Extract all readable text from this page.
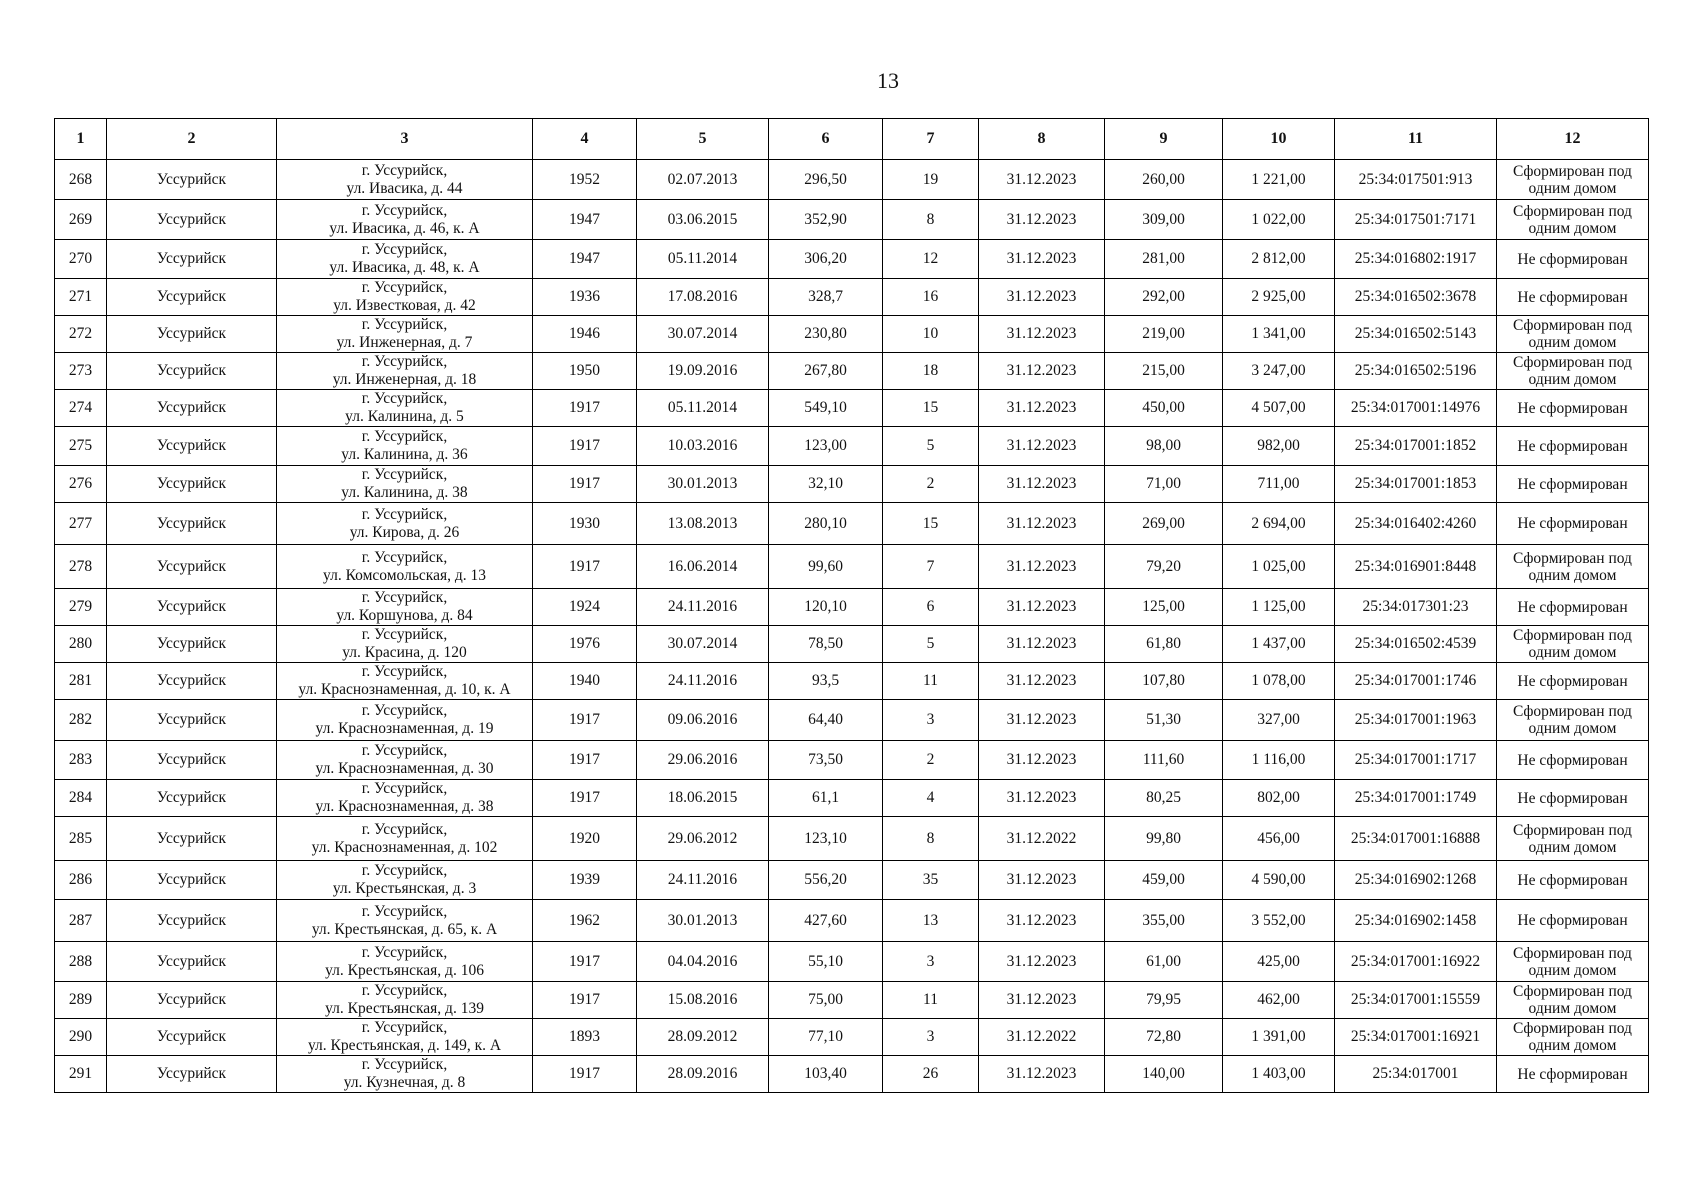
13
1	2	3	4	5	6	7	8	9	10	11	12
268	Уссурийск	г. Уссурийск,
ул. Ивасика, д. 44	1952	02.07.2013	296,50	19	31.12.2023	260,00	1 221,00	25:34:017501:913	Сформирован под
одним домом

269	Уссурийск	г. Уссурийск,
ул. Ивасика, д. 46, к. А	1947	03.06.2015	352,90	8	31.12.2023	309,00	1 022,00	25:34:017501:7171	Сформирован под
одним домом

270	Уссурийск	г. Уссурийск,
ул. Ивасика, д. 48, к. А	1947	05.11.2014	306,20	12	31.12.2023	281,00	2 812,00	25:34:016802:1917	Не сформирован

271	Уссурийск	г. Уссурийск,
ул. Известковая, д. 42	1936	17.08.2016	328,7	16	31.12.2023	292,00	2 925,00	25:34:016502:3678	Не сформирован

272	Уссурийск	г. Уссурийск,
ул. Инженерная, д. 7	1946	30.07.2014	230,80	10	31.12.2023	219,00	1 341,00	25:34:016502:5143	Сформирован под
одним домом

273	Уссурийск	г. Уссурийск,
ул. Инженерная, д. 18	1950	19.09.2016	267,80	18	31.12.2023	215,00	3 247,00	25:34:016502:5196	Сформирован под
одним домом

274	Уссурийск	г. Уссурийск,
ул. Калинина, д. 5	1917	05.11.2014	549,10	15	31.12.2023	450,00	4 507,00	25:34:017001:14976	Не сформирован

275	Уссурийск	г. Уссурийск,
ул. Калинина, д. 36	1917	10.03.2016	123,00	5	31.12.2023	98,00	982,00	25:34:017001:1852	Не сформирован

276	Уссурийск	г. Уссурийск,
ул. Калинина, д. 38	1917	30.01.2013	32,10	2	31.12.2023	71,00	711,00	25:34:017001:1853	Не сформирован

277	Уссурийск	г. Уссурийск,
ул. Кирова, д. 26	1930	13.08.2013	280,10	15	31.12.2023	269,00	2 694,00	25:34:016402:4260	Не сформирован

278	Уссурийск	г. Уссурийск,
ул. Комсомольская, д. 13	1917	16.06.2014	99,60	7	31.12.2023	79,20	1 025,00	25:34:016901:8448	Сформирован под
одним домом

279	Уссурийск	г. Уссурийск,
ул. Коршунова, д. 84	1924	24.11.2016	120,10	6	31.12.2023	125,00	1 125,00	25:34:017301:23	Не сформирован

280	Уссурийск	г. Уссурийск,
ул. Красина, д. 120	1976	30.07.2014	78,50	5	31.12.2023	61,80	1 437,00	25:34:016502:4539	Сформирован под
одним домом

281	Уссурийск	г. Уссурийск,
ул. Краснознаменная, д. 10, к. А	1940	24.11.2016	93,5	11	31.12.2023	107,80	1 078,00	25:34:017001:1746	Не сформирован

282	Уссурийск	г. Уссурийск,
ул. Краснознаменная, д. 19	1917	09.06.2016	64,40	3	31.12.2023	51,30	327,00	25:34:017001:1963	Сформирован под
одним домом

283	Уссурийск	г. Уссурийск,
ул. Краснознаменная, д. 30	1917	29.06.2016	73,50	2	31.12.2023	111,60	1 116,00	25:34:017001:1717	Не сформирован

284	Уссурийск	г. Уссурийск,
ул. Краснознаменная, д. 38	1917	18.06.2015	61,1	4	31.12.2023	80,25	802,00	25:34:017001:1749	Не сформирован

285	Уссурийск	г. Уссурийск,
ул. Краснознаменная, д. 102	1920	29.06.2012	123,10	8	31.12.2022	99,80	456,00	25:34:017001:16888	Сформирован под
одним домом

286	Уссурийск	г. Уссурийск,
ул. Крестьянская, д. 3	1939	24.11.2016	556,20	35	31.12.2023	459,00	4 590,00	25:34:016902:1268	Не сформирован

287	Уссурийск	г. Уссурийск,
ул. Крестьянская, д. 65, к. А	1962	30.01.2013	427,60	13	31.12.2023	355,00	3 552,00	25:34:016902:1458	Не сформирован

288	Уссурийск	г. Уссурийск,
ул. Крестьянская, д. 106	1917	04.04.2016	55,10	3	31.12.2023	61,00	425,00	25:34:017001:16922	Сформирован под
одним домом

289	Уссурийск	г. Уссурийск,
ул. Крестьянская, д. 139	1917	15.08.2016	75,00	11	31.12.2023	79,95	462,00	25:34:017001:15559	Сформирован под
одним домом

290	Уссурийск	г. Уссурийск,
ул. Крестьянская, д. 149, к. А	1893	28.09.2012	77,10	3	31.12.2022	72,80	1 391,00	25:34:017001:16921	Сформирован под
одним домом

291	Уссурийск	г. Уссурийск,
ул. Кузнечная, д. 8	1917	28.09.2016	103,40	26	31.12.2023	140,00	1 403,00	25:34:017001	Не сформирован
